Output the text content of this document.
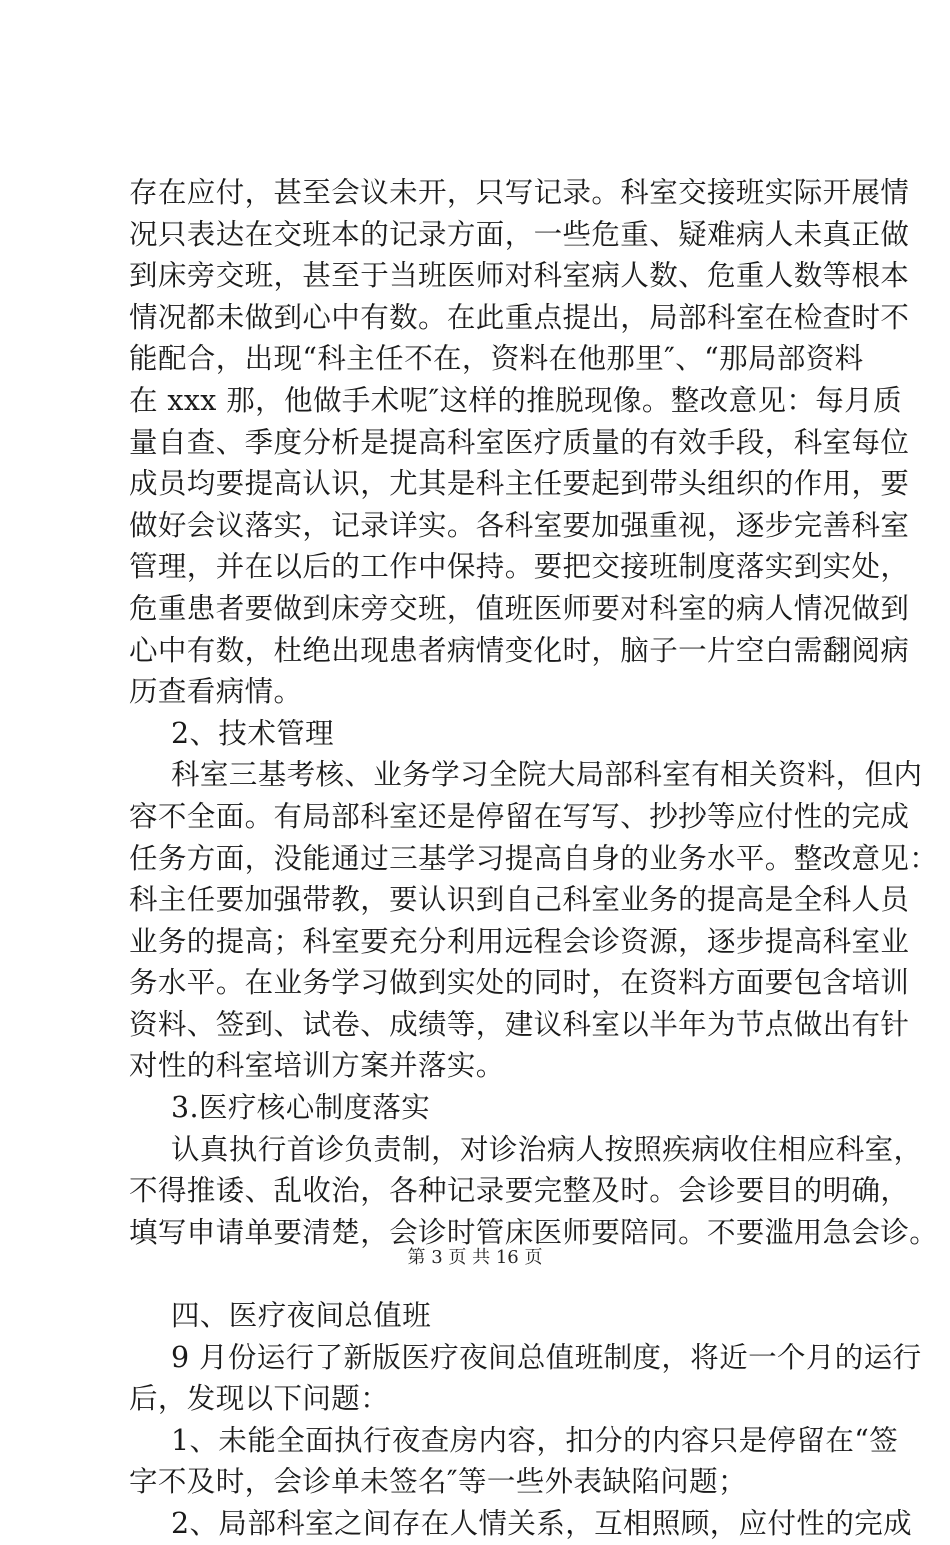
存在应付，甚至会议未开，只写记录。科室交接班实际开展情
况只表达在交班本的记录方面，一些危重、疑难病人未真正做
到床旁交班，甚至于当班医师对科室病人数、危重人数等根本
情况都未做到心中有数。在此重点提出，局部科室在检查时不
能配合，出现“科主任不在，资料在他那里″、“那局部资料
在 xxx 那，他做手术呢″这样的推脱现像。整改意见：每月质
量自查、季度分析是提高科室医疗质量的有效手段，科室每位
成员均要提高认识，尤其是科主任要起到带头组织的作用，要
做好会议落实，记录详实。各科室要加强重视，逐步完善科室
管理，并在以后的工作中保持。要把交接班制度落实到实处，
危重患者要做到床旁交班，值班医师要对科室的病人情况做到
心中有数，杜绝出现患者病情变化时，脑子一片空白需翻阅病
历查看病情。
2、技术管理
科室三基考核、业务学习全院大局部科室有相关资料，但内
容不全面。有局部科室还是停留在写写、抄抄等应付性的完成
任务方面，没能通过三基学习提高自身的业务水平。整改意见：
科主任要加强带教，要认识到自己科室业务的提高是全科人员
业务的提高；科室要充分利用远程会诊资源，逐步提高科室业
务水平。在业务学习做到实处的同时，在资料方面要包含培训
资料、签到、试卷、成绩等，建议科室以半年为节点做出有针
对性的科室培训方案并落实。
3.医疗核心制度落实
认真执行首诊负责制，对诊治病人按照疾病收住相应科室，
不得推诿、乱收治，各种记录要完整及时。会诊要目的明确，
填写申请单要清楚，会诊时管床医师要陪同。不要滥用急会诊。
四、医疗夜间总值班
9 月份运行了新版医疗夜间总值班制度，将近一个月的运行
后，发现以下问题：
1、未能全面执行夜查房内容，扣分的内容只是停留在“签
字不及时，会诊单未签名″等一些外表缺陷问题；
2、局部科室之间存在人情关系，互相照顾，应付性的完成
第 3 页 共 16 页
